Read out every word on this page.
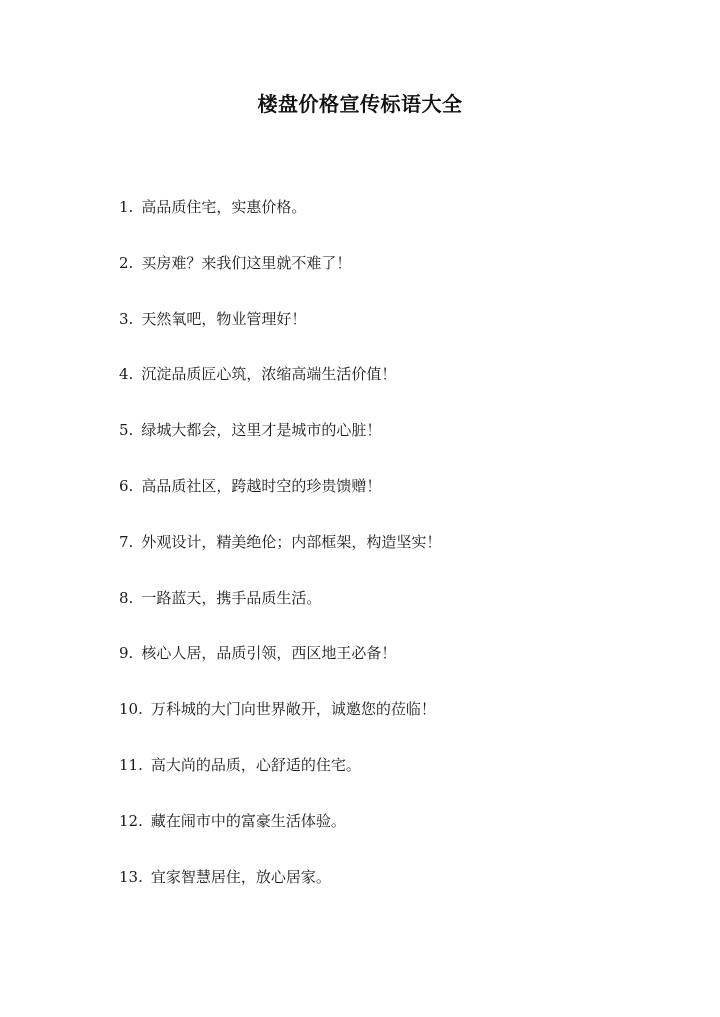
楼盘价格宣传标语大全
1. 高品质住宅，实惠价格。
2. 买房难？来我们这里就不难了！
3. 天然氧吧，物业管理好！
4. 沉淀品质匠心筑，浓缩高端生活价值！
5. 绿城大都会，这里才是城市的心脏！
6. 高品质社区，跨越时空的珍贵馈赠！
7. 外观设计，精美绝伦；内部框架，构造坚实！
8. 一路蓝天，携手品质生活。
9. 核心人居，品质引领，西区地王必备！
10. 万科城的大门向世界敞开，诚邀您的莅临！
11. 高大尚的品质，心舒适的住宅。
12. 藏在闹市中的富豪生活体验。
13. 宜家智慧居住，放心居家。
